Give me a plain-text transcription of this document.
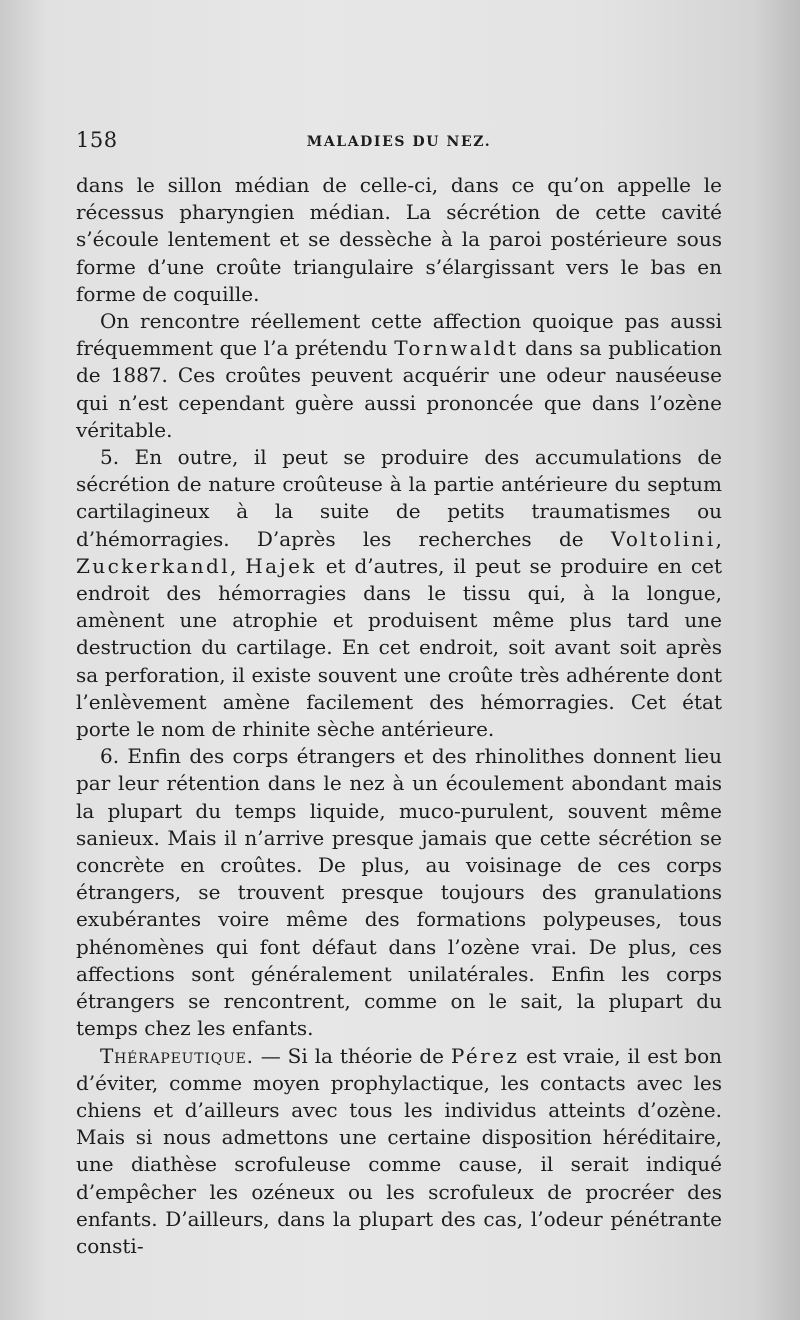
158	MALADIES DU NEZ.

dans le sillon médian de celle-ci, dans ce qu’on appelle le récessus pharyngien médian. La sécrétion de cette cavité s’écoule lentement et se dessèche à la paroi postérieure sous forme d’une croûte triangulaire s’élargissant vers le bas en forme de coquille.

On rencontre réellement cette affection quoique pas aussi fréquemment que l’a prétendu Tornwaldt dans sa publication de 1887. Ces croûtes peuvent acquérir une odeur nauséeuse qui n’est cependant guère aussi prononcée que dans l’ozène véritable.

5. En outre, il peut se produire des accumulations de sécrétion de nature croûteuse à la partie antérieure du septum cartilagineux à la suite de petits traumatismes ou d’hémorragies. D’après les recherches de Voltolini, Zuckerkandl, Hajek et d’autres, il peut se produire en cet endroit des hémorragies dans le tissu qui, à la longue, amènent une atrophie et produisent même plus tard une destruction du cartilage. En cet endroit, soit avant soit après sa perforation, il existe souvent une croûte très adhérente dont l’enlèvement amène facilement des hémorragies. Cet état porte le nom de rhinite sèche antérieure.

6. Enfin des corps étrangers et des rhinolithes donnent lieu par leur rétention dans le nez à un écoulement abondant mais la plupart du temps liquide, muco-purulent, souvent même sanieux. Mais il n’arrive presque jamais que cette sécrétion se concrète en croûtes. De plus, au voisinage de ces corps étrangers, se trouvent presque toujours des granulations exubérantes voire même des formations polypeuses, tous phénomènes qui font défaut dans l’ozène vrai. De plus, ces affections sont généralement unilatérales. Enfin les corps étrangers se rencontrent, comme on le sait, la plupart du temps chez les enfants.

Thérapeutique. — Si la théorie de Pérez est vraie, il est bon d’éviter, comme moyen prophylactique, les contacts avec les chiens et d’ailleurs avec tous les individus atteints d’ozène. Mais si nous admettons une certaine disposition héréditaire, une diathèse scrofuleuse comme cause, il serait indiqué d’empêcher les ozéneux ou les scrofuleux de procréer des enfants. D’ailleurs, dans la plupart des cas, l’odeur pénétrante consti-
